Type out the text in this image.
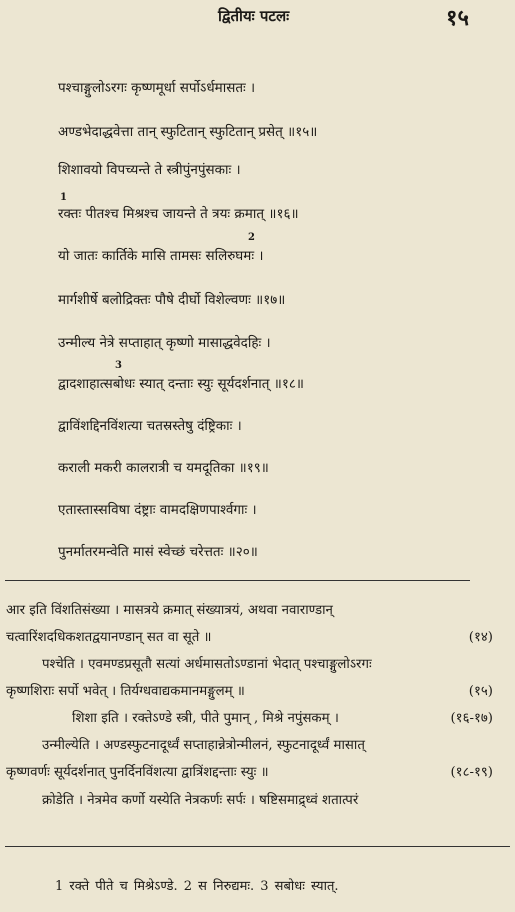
द्वितीयः पटलः	१५
पश्चाङ्गुलोऽरगः कृष्णमूर्धा सर्पोऽर्धमासतः ।
अण्डभेदाद्धवेत्ता तान् स्फुटितान् स्फुटितान् प्रसेत् ॥१५॥
शिशावयो विपच्यन्ते ते स्त्रीपुंनपुंसकाः ।
1
रक्तः पीतश्च मिश्रश्च जायन्ते ते त्रयः क्रमात् ॥१६॥
2
यो जातः कार्तिके मासि तामसः सलिरुघमः ।
मार्गशीर्षे बलोद्रिक्तः पौषे दीर्घो विशेल्वणः ॥१७॥
उन्मील्य नेत्रे सप्ताहात् कृष्णो मासाद्धवेदहिः ।
3
द्वादशाहात्सबोधः स्यात् दन्ताः स्युः सूर्यदर्शनात् ॥१८॥
द्वाविंशद्दिनविंशत्या चतस्रस्तेषु दंष्ट्रिकाः ।
कराली मकरी कालरात्री च यमदूतिका ॥१९॥
एतास्तास्सविषा दंष्ट्राः वामदक्षिणपार्श्वगाः ।
पुनर्मातरमन्वेति मासं स्वेच्छं चरेत्ततः ॥२०॥
आर इति विंशतिसंख्या । मासत्रये क्रमात् संख्यात्रयं, अथवा नवाराण्डान्
चत्वारिंशदधिकशतद्वयानण्डान् सत वा सूते ॥	(१४)
पश्चेति । एवमण्डप्रसूतौ सत्यां अर्धमासतोऽण्डानां भेदात् पश्चाङ्गुलोऽरगः
कृष्णशिराः सर्पो भवेत् । तिर्यग्धवाद्यकमानमङ्गुलम् ॥	(१५)
शिशा इति । रक्तेऽण्डे स्त्री, पीते पुमान् , मिश्रे नपुंसकम् ।	(१६-१७)
उन्मील्येति । अण्डस्फुटनादूर्ध्वं सप्ताहान्नेत्रोन्मीलनं, स्फुटनादूर्ध्वं मासात्
कृष्णवर्णः सूर्यदर्शनात् पुनर्दिनविंशत्या द्वात्रिंशद्दन्ताः स्युः ॥	(१८-१९)
क्रोडेति । नेत्रमेव कर्णो यस्येति नेत्रकर्णः सर्पः । षष्टिसमाद्र्ध्वं शतात्परं
1 रक्ते पीते च मिश्रेऽण्डे. 2 स निरुद्यमः. 3 सबोधः स्यात्.
